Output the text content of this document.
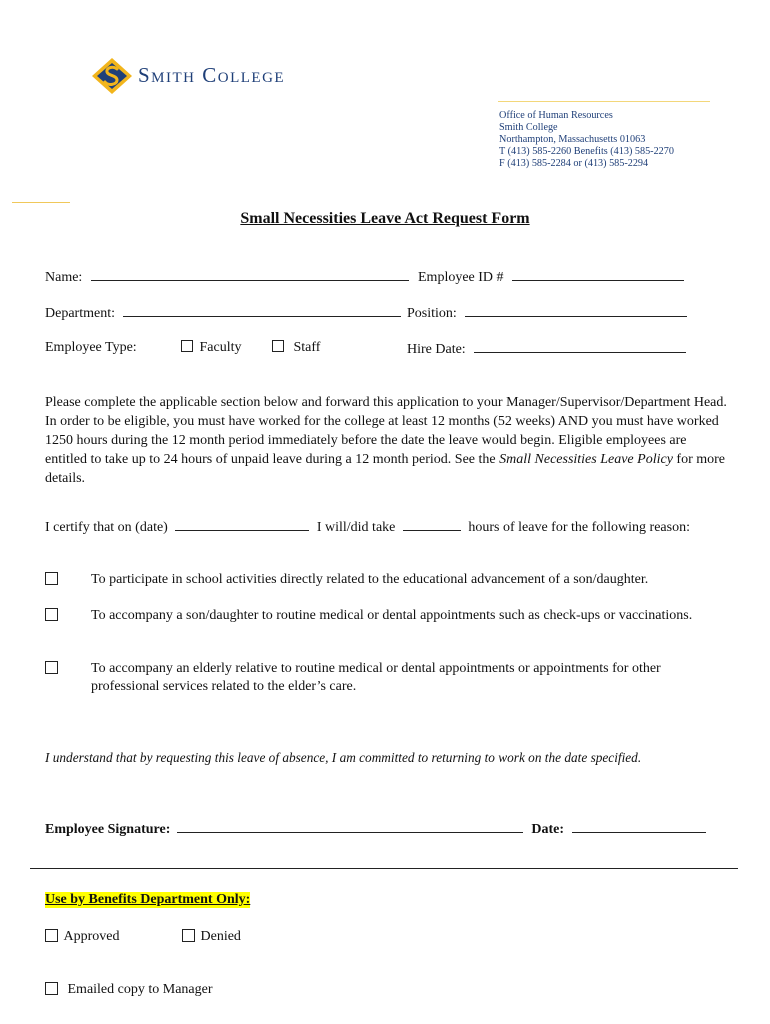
Smith College
Office of Human Resources
Smith College
Northampton, Massachusetts 01063
T (413) 585-2260 Benefits (413) 585-2270
F (413) 585-2284 or (413) 585-2294
Small Necessities Leave Act Request Form
Name:	Employee ID #
Department:	Position:
Employee Type:	Faculty	Staff	Hire Date:
Please complete the applicable section below and forward this application to your Manager/Supervisor/Department Head. In order to be eligible, you must have worked for the college at least 12 months (52 weeks) AND you must have worked 1250 hours during the 12 month period immediately before the date the leave would begin. Eligible employees are entitled to take up to 24 hours of unpaid leave during a 12 month period. See the Small Necessities Leave Policy for more details.
I certify that on (date)	I will/did take	hours of leave for the following reason:
To participate in school activities directly related to the educational advancement of a son/daughter.
To accompany a son/daughter to routine medical or dental appointments such as check-ups or vaccinations.
To accompany an elderly relative to routine medical or dental appointments or appointments for other professional services related to the elder’s care.
I understand that by requesting this leave of absence, I am committed to returning to work on the date specified.
Employee Signature:	Date:
Use by Benefits Department Only:
Approved	Denied
Emailed copy to Manager
